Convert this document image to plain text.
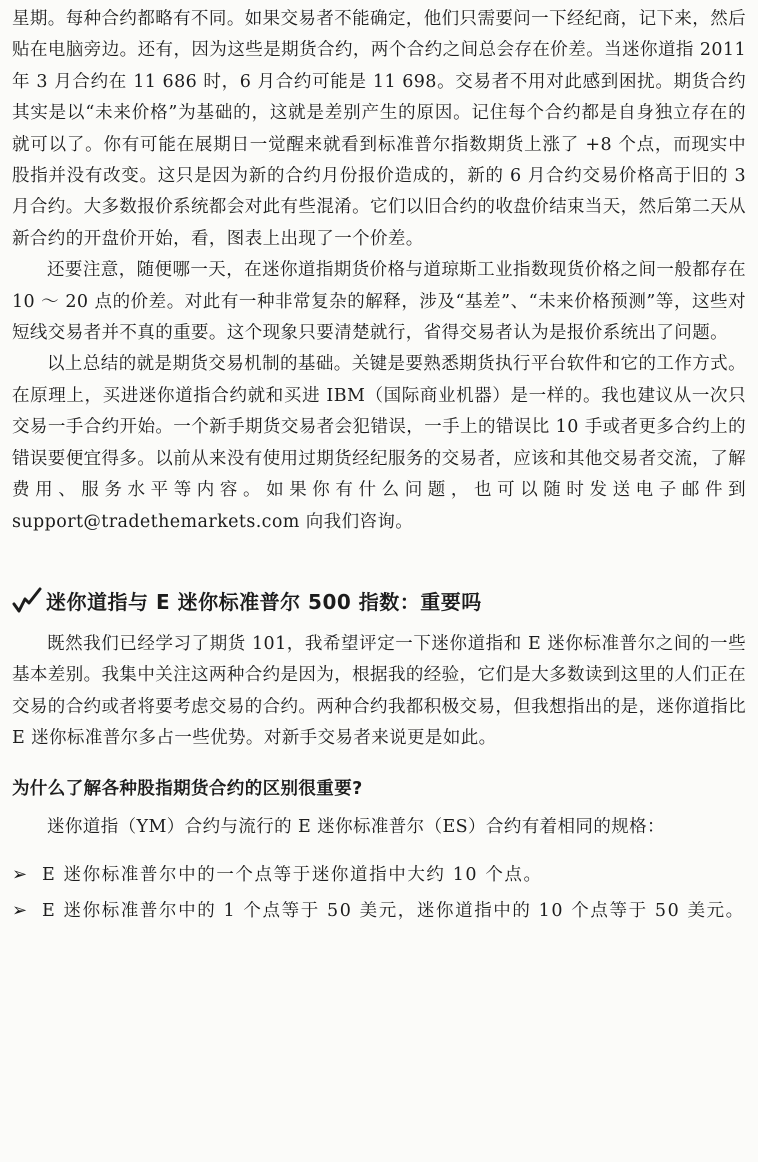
星期。每种合约都略有不同。如果交易者不能确定，他们只需要问一下经纪商，记下来，然后贴在电脑旁边。还有，因为这些是期货合约，两个合约之间总会存在价差。当迷你道指 2011 年 3 月合约在 11 686 时，6 月合约可能是 11 698。交易者不用对此感到困扰。期货合约其实是以“未来价格”为基础的，这就是差别产生的原因。记住每个合约都是自身独立存在的就可以了。你有可能在展期日一觉醒来就看到标准普尔指数期货上涨了 +8 个点，而现实中股指并没有改变。这只是因为新的合约月份报价造成的，新的 6 月合约交易价格高于旧的 3 月合约。大多数报价系统都会对此有些混淆。它们以旧合约的收盘价结束当天，然后第二天从新合约的开盘价开始，看，图表上出现了一个价差。

还要注意，随便哪一天，在迷你道指期货价格与道琼斯工业指数现货价格之间一般都存在 10 ～ 20 点的价差。对此有一种非常复杂的解释，涉及“基差”、“未来价格预测”等，这些对短线交易者并不真的重要。这个现象只要清楚就行，省得交易者认为是报价系统出了问题。

以上总结的就是期货交易机制的基础。关键是要熟悉期货执行平台软件和它的工作方式。在原理上，买进迷你道指合约就和买进 IBM（国际商业机器）是一样的。我也建议从一次只交易一手合约开始。一个新手期货交易者会犯错误，一手上的错误比 10 手或者更多合约上的错误要便宜得多。以前从来没有使用过期货经纪服务的交易者，应该和其他交易者交流，了解费用、服务水平等内容。如果你有什么问题，也可以随时发送电子邮件到 support@tradethemarkets.com 向我们咨询。

迷你道指与 E 迷你标准普尔 500 指数：重要吗

既然我们已经学习了期货 101，我希望评定一下迷你道指和 E 迷你标准普尔之间的一些基本差别。我集中关注这两种合约是因为，根据我的经验，它们是大多数读到这里的人们正在交易的合约或者将要考虑交易的合约。两种合约我都积极交易，但我想指出的是，迷你道指比 E 迷你标准普尔多占一些优势。对新手交易者来说更是如此。

为什么了解各种股指期货合约的区别很重要?

迷你道指（YM）合约与流行的 E 迷你标准普尔（ES）合约有着相同的规格：

➢ E 迷你标准普尔中的一个点等于迷你道指中大约 10 个点。
➢ E 迷你标准普尔中的 1 个点等于 50 美元，迷你道指中的 10 个点等于 50 美元。
